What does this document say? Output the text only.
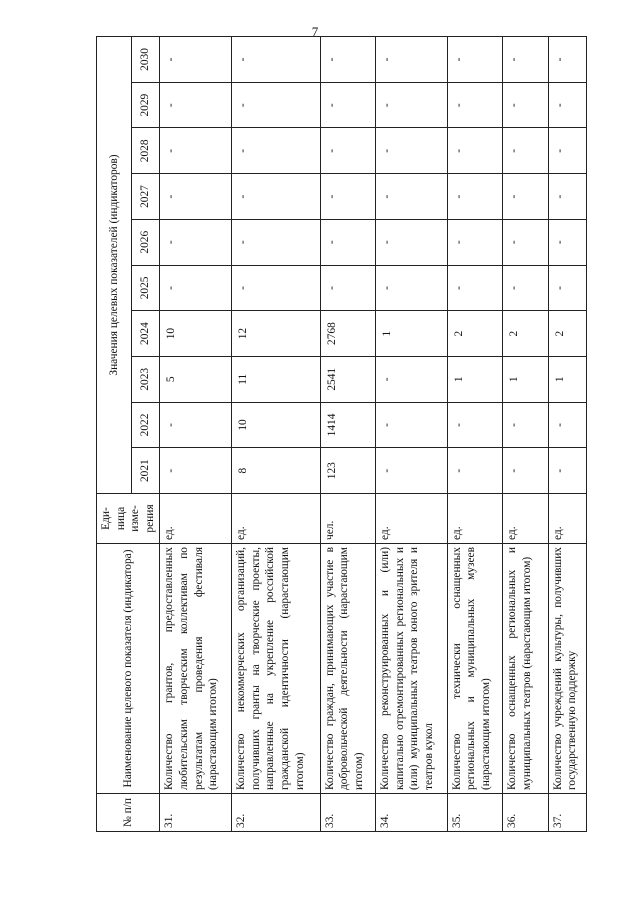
7
№ п/п	Наименование целевого показателя (индикатора)	Еди-ница изме-рения	Значения целевых показателей (индикаторов)									
			2021	2022	2023	2024	2025	2026	2027	2028	2029	2030
31.	Количество грантов, предоставленных любительским творческим коллективам по результатам проведения фестиваля (нарастающим итогом)	ед.	-	-	5	10	-	-	-	-	-	-
32.	Количество некоммерческих организаций, получивших гранты на творческие проекты, направленные на укрепление российской гражданской идентичности (нарастающим итогом)	ед.	8	10	11	12	-	-	-	-	-	-
33.	Количество граждан, принимающих участие в добровольческой деятельности (нарастающим итогом)	чел.	123	1414	2541	2768	-	-	-	-	-	-
34.	Количество реконструированных и (или) капитально отремонтированных региональных и (или) муниципальных театров юного зрителя и театров кукол	ед.	-	-	-	1	-	-	-	-	-	-
35.	Количество технически оснащенных региональных и муниципальных музеев (нарастающим итогом)	ед.	-	-	1	2	-	-	-	-	-	-
36.	Количество оснащенных региональных и муниципальных театров (нарастающим итогом)	ед.	-	-	1	2	-	-	-	-	-	-
37.	Количество учреждений культуры, получивших государственную поддержку	ед.	-	-	1	2	-	-	-	-	-	-
